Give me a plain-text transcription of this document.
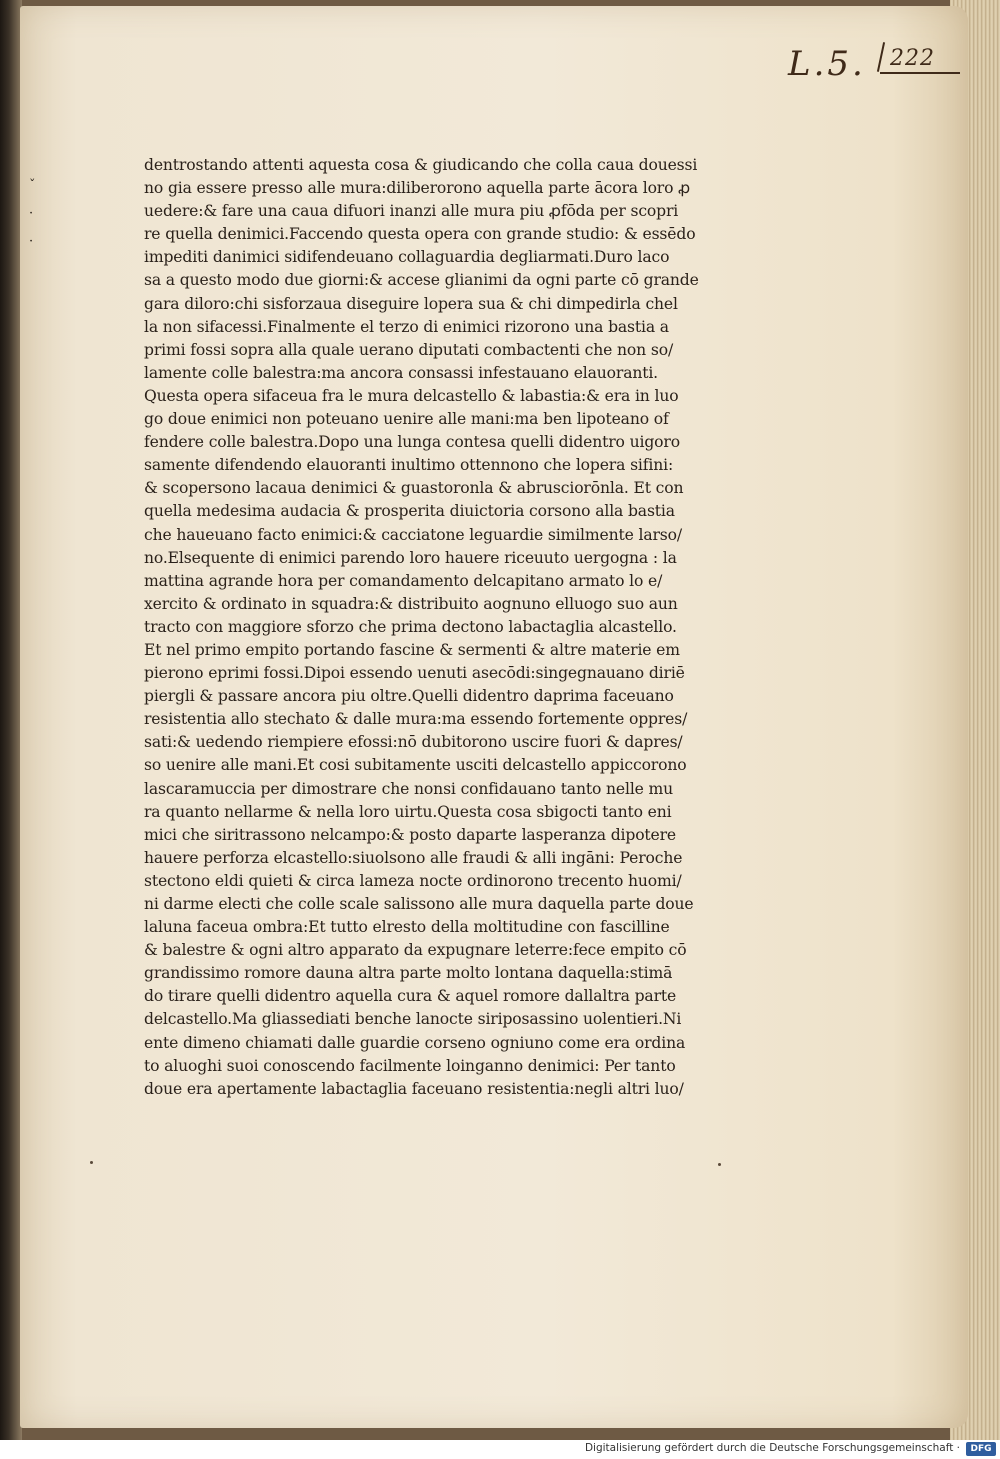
ˇ
·
·
L.5. 222
dentrostando attenti aquesta cosa & giudicando che colla caua douessi
no gia essere presso alle mura:diliberorono aquella parte ācora loro ꝓ
uedere:& fare una caua difuori inanzi alle mura piu ꝓfōda per scopri
re quella denimici.Faccendo questa opera con grande studio: & essēdo
impediti danimici sidifendeuano collaguardia degliarmati.Duro laco
sa a questo modo due giorni:& accese glianimi da ogni parte cō grande
gara diloro:chi sisforzaua diseguire lopera sua & chi dimpedirla chel
la non sifacessi.Finalmente el terzo di enimici rizorono una bastia a
primi fossi sopra alla quale uerano diputati combactenti che non so/
lamente colle balestra:ma ancora consassi infestauano elauoranti.
Questa opera sifaceua fra le mura delcastello & labastia:& era in luo
go doue enimici non poteuano uenire alle mani:ma ben lipoteano of
fendere colle balestra.Dopo una lunga contesa quelli didentro uigoro
samente difendendo elauoranti inultimo ottennono che lopera sifini:
& scopersono lacaua denimici & guastoronla & abrusciorōnla. Et con
quella medesima audacia & prosperita diuictoria corsono alla bastia
che haueuano facto enimici:& cacciatone leguardie similmente larso/
no.Elsequente di enimici parendo loro hauere riceuuto uergogna : la
mattina agrande hora per comandamento delcapitano armato lo e/
xercito & ordinato in squadra:& distribuito aognuno elluogo suo aun
tracto con maggiore sforzo che prima dectono labactaglia alcastello.
Et nel primo empito portando fascine & sermenti & altre materie em
pierono eprimi fossi.Dipoi essendo uenuti asecōdi:singegnauano diriē
piergli & passare ancora piu oltre.Quelli didentro daprima faceuano
resistentia allo stechato & dalle mura:ma essendo fortemente oppres/
sati:& uedendo riempiere efossi:nō dubitorono uscire fuori & dapres/
so uenire alle mani.Et cosi subitamente usciti delcastello appiccorono
lascaramuccia per dimostrare che nonsi confidauano tanto nelle mu
ra quanto nellarme & nella loro uirtu.Questa cosa sbigocti tanto eni
mici che siritrassono nelcampo:& posto daparte lasperanza dipotere
hauere perforza elcastello:siuolsono alle fraudi & alli ingāni: Peroche
stectono eldi quieti & circa lameza nocte ordinorono trecento huomi/
ni darme electi che colle scale salissono alle mura daquella parte doue
laluna faceua ombra:Et tutto elresto della moltitudine con fascilline
& balestre & ogni altro apparato da expugnare leterre:fece empito cō
grandissimo romore dauna altra parte molto lontana daquella:stimā
do tirare quelli didentro aquella cura & aquel romore dallaltra parte
delcastello.Ma gliassediati benche lanocte siriposassino uolentieri.Ni
ente dimeno chiamati dalle guardie corseno ogniuno come era ordina
to aluoghi suoi conoscendo facilmente loinganno denimici: Per tanto
doue era apertamente labactaglia faceuano resistentia:negli altri luo/
Digitalisierung gefördert durch die Deutsche Forschungsgemeinschaft ·	DFG
